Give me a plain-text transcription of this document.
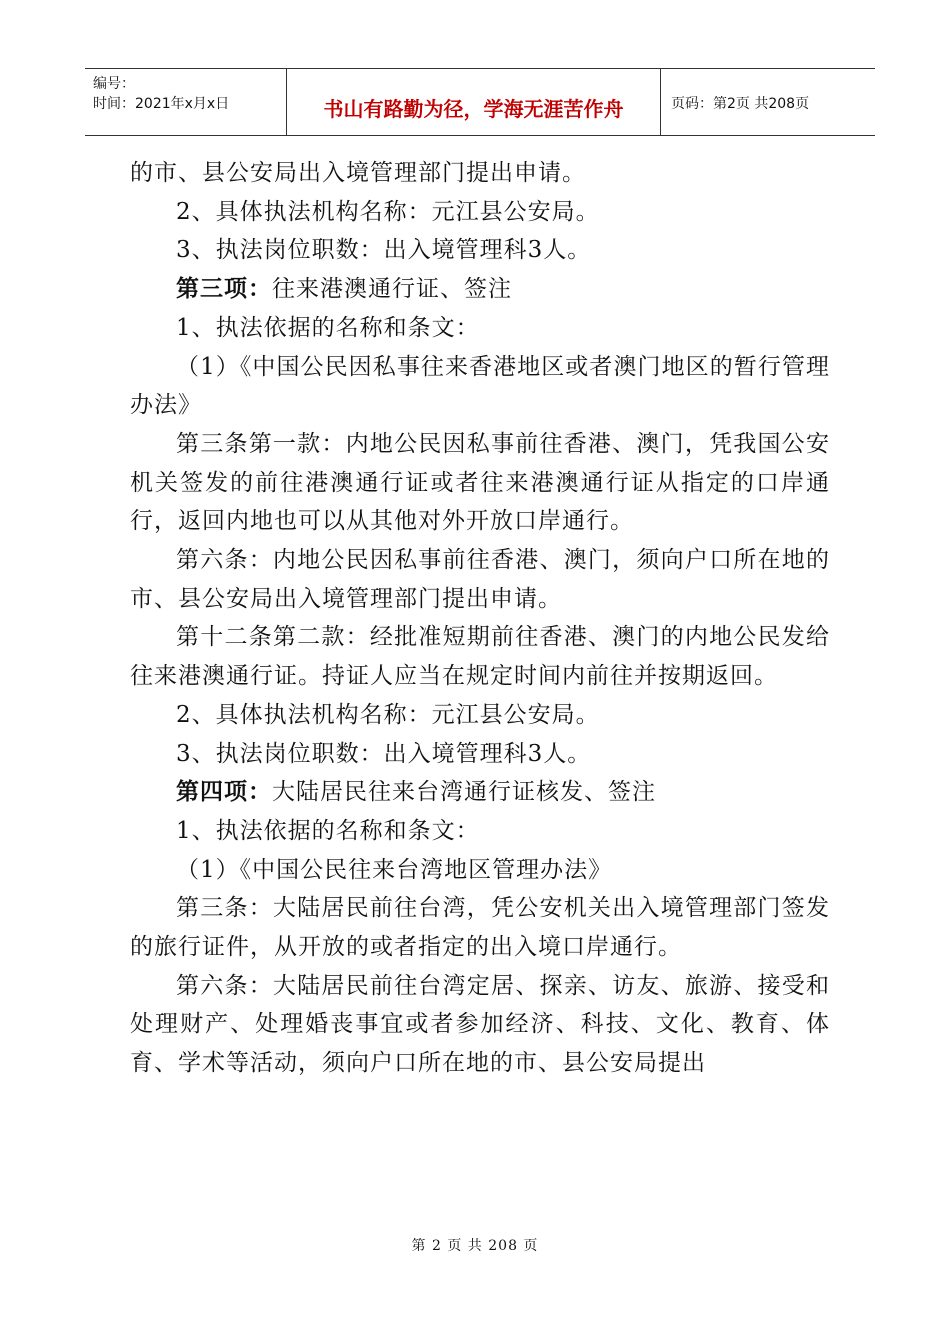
编号：
时间：2021年x月x日	书山有路勤为径，学海无涯苦作舟	页码：第2页 共208页

的市、县公安局出入境管理部门提出申请。

2、具体执法机构名称：元江县公安局。

3、执法岗位职数：出入境管理科3人。

第三项：往来港澳通行证、签注

1、执法依据的名称和条文：

（1）《中国公民因私事往来香港地区或者澳门地区的暂行管理办法》

第三条第一款：内地公民因私事前往香港、澳门，凭我国公安机关签发的前往港澳通行证或者往来港澳通行证从指定的口岸通行，返回内地也可以从其他对外开放口岸通行。

第六条：内地公民因私事前往香港、澳门，须向户口所在地的市、县公安局出入境管理部门提出申请。

第十二条第二款：经批准短期前往香港、澳门的内地公民发给往来港澳通行证。持证人应当在规定时间内前往并按期返回。

2、具体执法机构名称：元江县公安局。

3、执法岗位职数：出入境管理科3人。

第四项：大陆居民往来台湾通行证核发、签注

1、执法依据的名称和条文：

（1）《中国公民往来台湾地区管理办法》

第三条：大陆居民前往台湾，凭公安机关出入境管理部门签发的旅行证件，从开放的或者指定的出入境口岸通行。

第六条：大陆居民前往台湾定居、探亲、访友、旅游、接受和处理财产、处理婚丧事宜或者参加经济、科技、文化、教育、体育、学术等活动，须向户口所在地的市、县公安局提出

第 2 页 共 208 页
